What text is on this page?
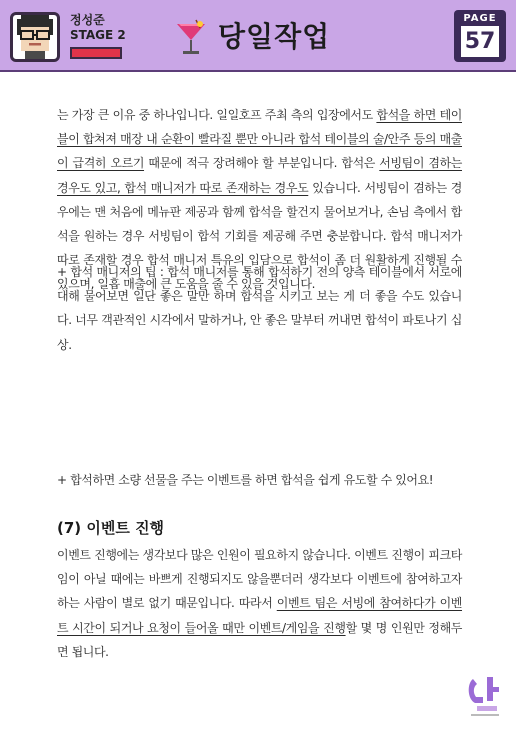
정성준
STAGE 2	당일작업
PAGE
57

는 가장 큰 이유 중 하나입니다. 일일호프 주최 측의 입장에서도 합석을 하면 테이블이 합쳐져 매장 내 순환이 빨라질 뿐만 아니라 합석 테이블의 술/안주 등의 매출이 급격히 오르기 때문에 적극 장려해야 할 부분입니다. 합석은 서빙팀이 겸하는 경우도 있고, 합석 매니저가 따로 존재하는 경우도 있습니다. 서빙팀이 겸하는 경우에는 맨 처음에 메뉴판 제공과 함께 합석을 할건지 물어보거나, 손님 측에서 합석을 원하는 경우 서빙팀이 합석 기회를 제공해 주면 충분합니다. 합석 매니저가 따로 존재할 경우 합석 매니저 특유의 입담으로 합석이 좀 더 원활하게 진행될 수 있으며, 일흡 매출에 큰 도움을 줄 수 있을 것입니다.

+ 합석 매니저의 팁 : 합석 매니저를 통해 합석하기 전의 양측 테이블에서 서로에 대해 물어보면 일단 좋은 말만 하며 합석을 시키고 보는 게 더 좋을 수도 있습니다. 너무 객관적인 시각에서 말하거나, 안 좋은 말부터 꺼내면 합석이 파토나기 십상.

+ 합석하면 소량 선물을 주는 이벤트를 하면 합석을 쉽게 유도할 수 있어요!

(7) 이벤트 진행

이벤트 진행에는 생각보다 많은 인원이 필요하지 않습니다. 이벤트 진행이 피크타임이 아닐 때에는 바쁘게 진행되지도 않을뿐더러 생각보다 이벤트에 참여하고자 하는 사람이 별로 없기 때문입니다. 따라서 이벤트 팀은 서빙에 참여하다가 이벤트 시간이 되거나 요청이 들어올 때만 이벤트/게임을 진행할 몇 명 인원만 정해두면 됩니다.
